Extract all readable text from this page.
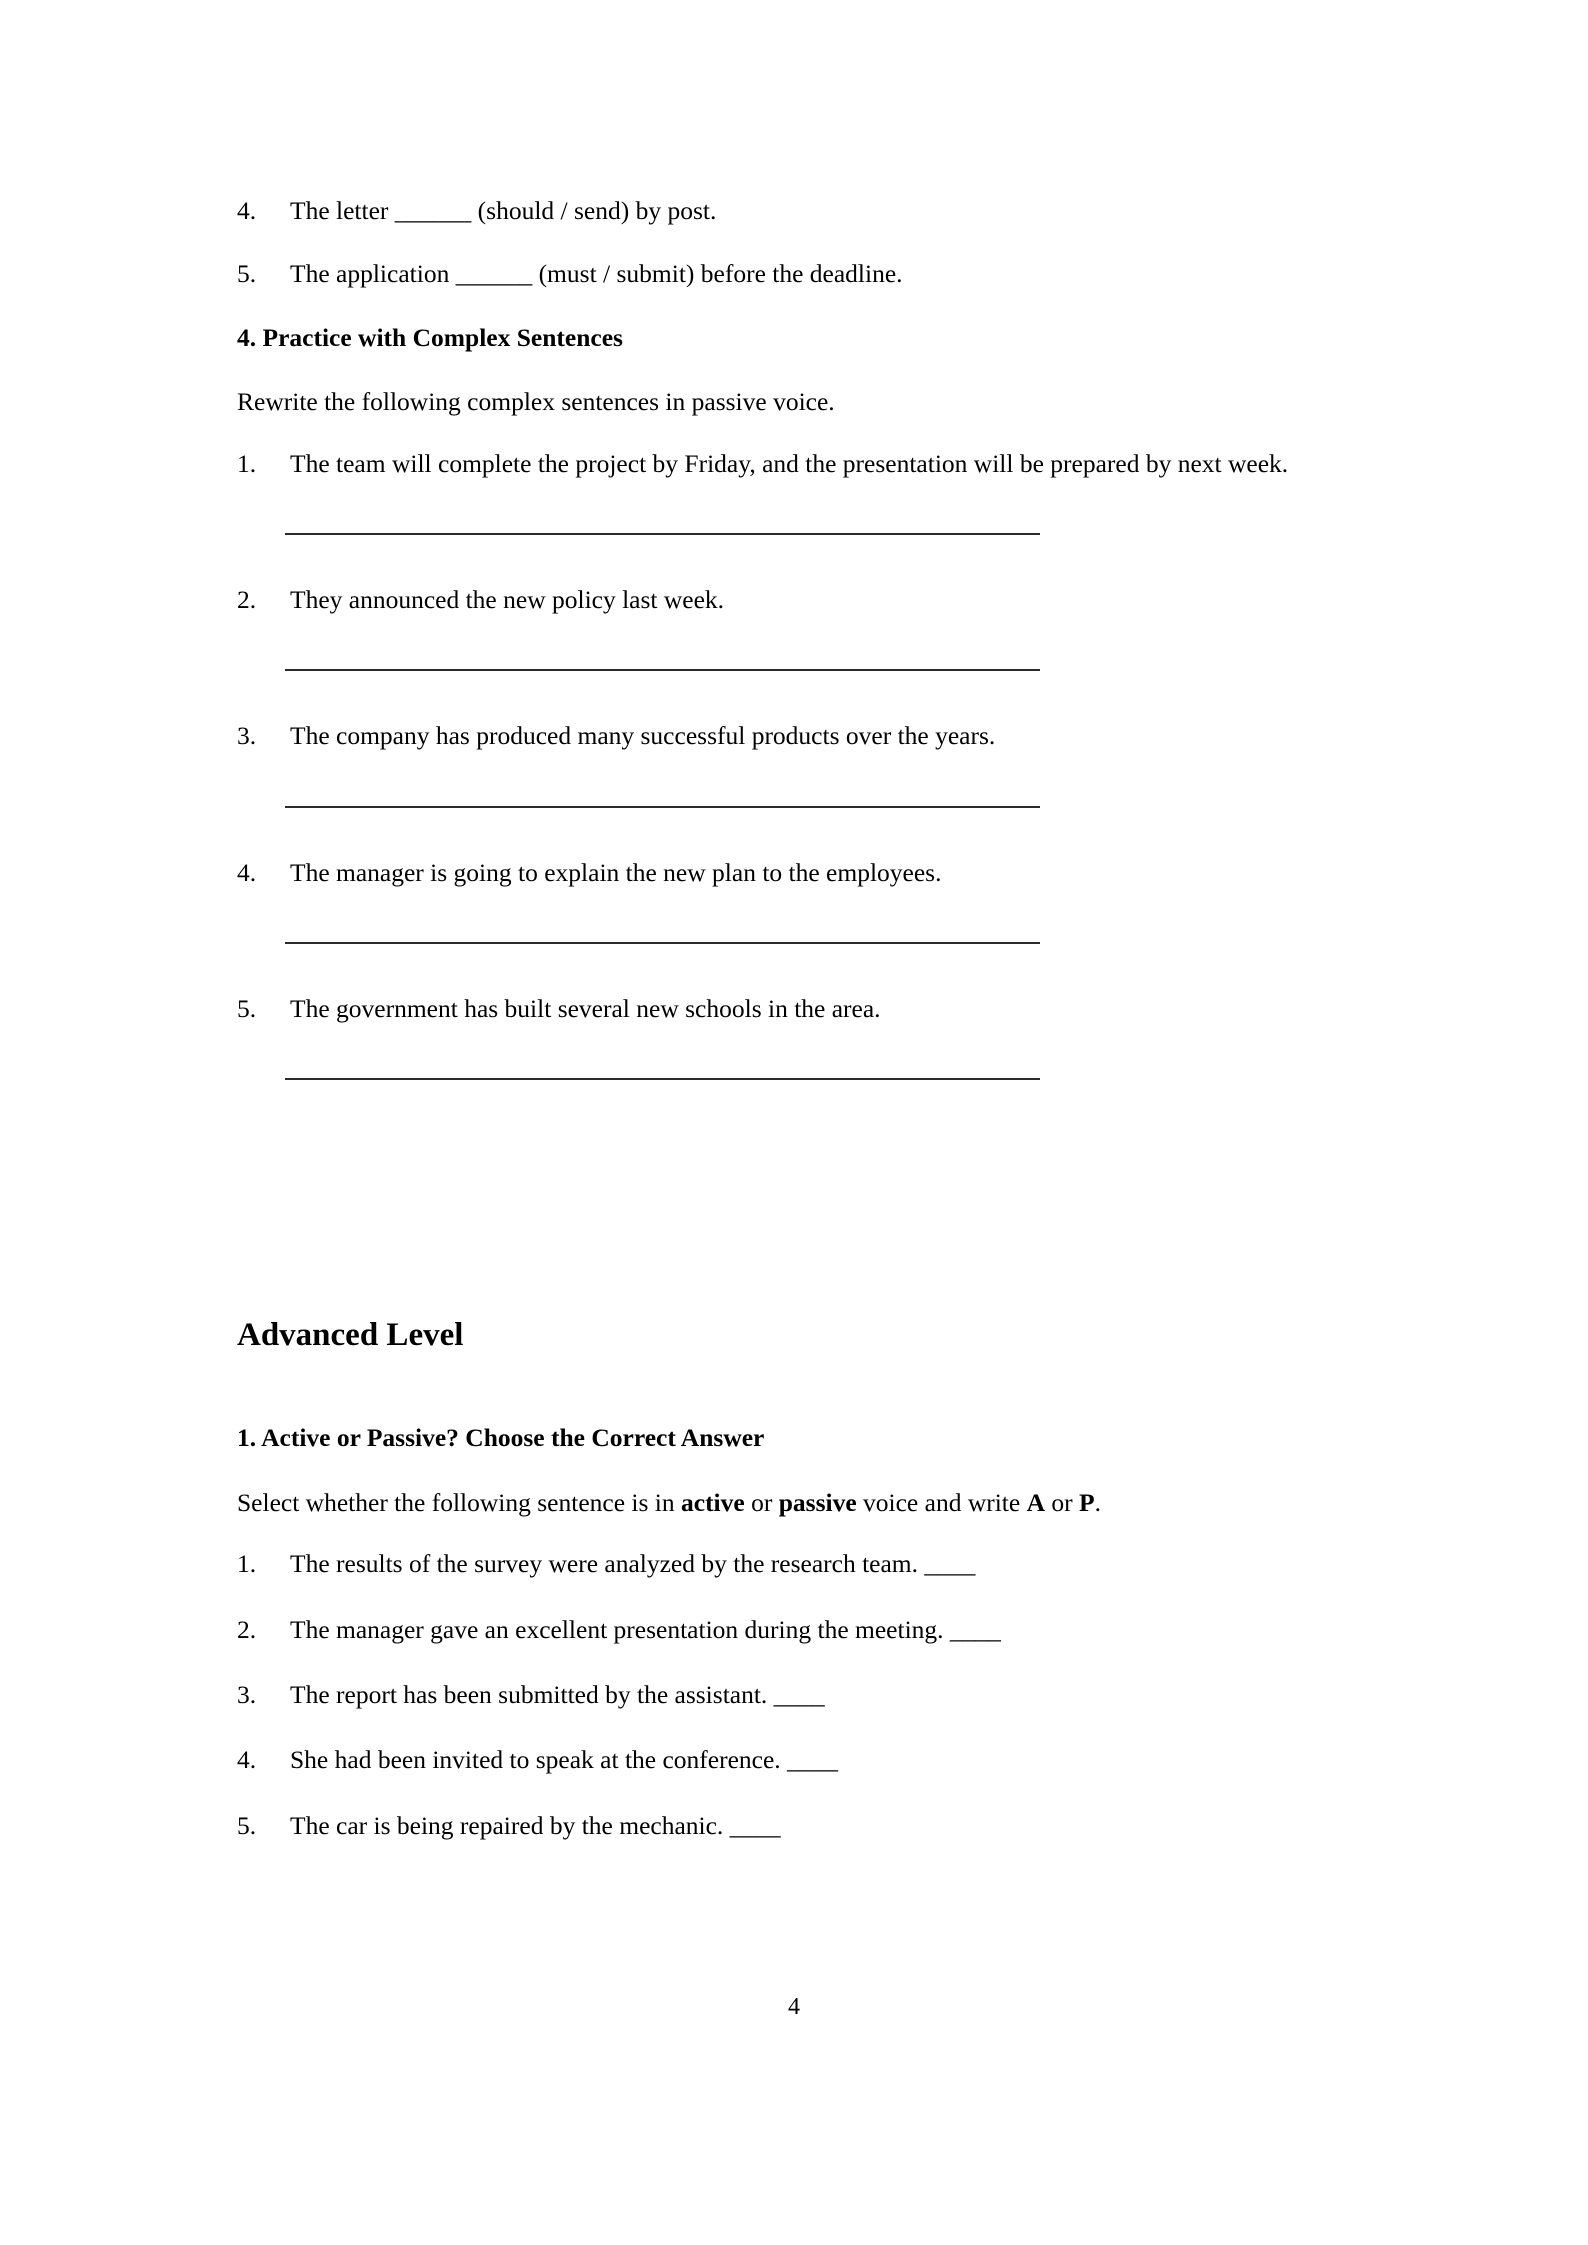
4.	The letter ______ (should / send) by post.
5.	The application ______ (must / submit) before the deadline.
4. Practice with Complex Sentences

Rewrite the following complex sentences in passive voice.

1.	The team will complete the project by Friday, and the presentation will be prepared by next week.
2.	They announced the new policy last week.
3.	The company has produced many successful products over the years.
4.	The manager is going to explain the new plan to the employees.
5.	The government has built several new schools in the area.
Advanced Level
1. Active or Passive? Choose the Correct Answer

Select whether the following sentence is in active or passive voice and write A or P.

1.	The results of the survey were analyzed by the research team. ____
2.	The manager gave an excellent presentation during the meeting. ____
3.	The report has been submitted by the assistant. ____
4.	She had been invited to speak at the conference. ____
5.	The car is being repaired by the mechanic. ____
4
